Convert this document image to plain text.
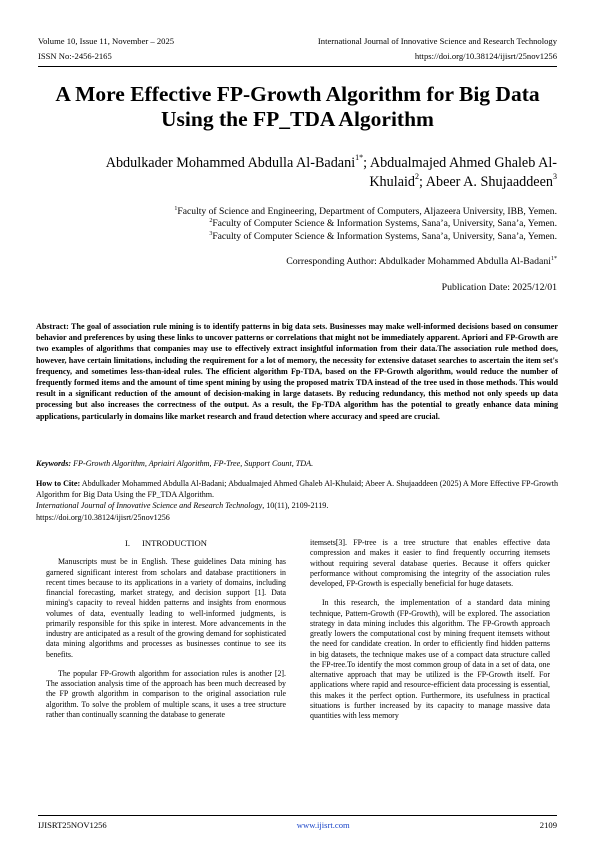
Volume 10, Issue 11, November – 2025	International Journal of Innovative Science and Research Technology
ISSN No:-2456-2165	https://doi.org/10.38124/ijisrt/25nov1256
A More Effective FP-Growth Algorithm for Big Data Using the FP_TDA Algorithm
Abdulkader Mohammed Abdulla Al-Badani$^{1*}$; Abdualmajed Ahmed Ghaleb Al-
Khulaid$^2$; Abeer A. Shujaaddeen$^3$
$^1$Faculty of Science and Engineering, Department of Computers, Aljazeera University, IBB, Yemen.
$^2$Faculty of Computer Science & Information Systems, Sana’a, University, Sana’a, Yemen.
$^3$Faculty of Computer Science & Information Systems, Sana’a, University, Sana’a, Yemen.
Corresponding Author: Abdulkader Mohammed Abdulla Al-Badani$^{1*}$
Publication Date: 2025/12/01
Abstract: The goal of association rule mining is to identify patterns in big data sets. Businesses may make well-informed decisions based on consumer behavior and preferences by using these links to uncover patterns or correlations that might not be immediately apparent. Apriori and FP-Growth are two examples of algorithms that companies may use to effectively extract insightful information from their data.The association rule method does, however, have certain limitations, including the requirement for a lot of memory, the necessity for extensive dataset searches to ascertain the item set's frequency, and sometimes less-than-ideal rules. The efficient algorithm Fp-TDA, based on the FP-Growth algorithm, would reduce the number of frequently formed items and the amount of time spent mining by using the proposed matrix TDA instead of the tree used in those methods. This would result in a significant reduction of the amount of decision-making in large datasets. By reducing redundancy, this method not only speeds up data processing but also increases the correctness of the output. As a result, the Fp-TDA algorithm has the potential to greatly enhance data mining applications, particularly in domains like market research and fraud detection where accuracy and speed are crucial.
Keywords: FP-Growth Algorithm, Apriairi Algorithm, FP-Tree, Support Count, TDA.
How to Cite: Abdulkader Mohammed Abdulla Al-Badani; Abdualmajed Ahmed Ghaleb Al-Khulaid; Abeer A. Shujaaddeen (2025) A More Effective FP-Growth Algorithm for Big Data Using the FP_TDA Algorithm.
International Journal of Innovative Science and Research Technology, 10(11), 2109-2119.
https://doi.org/10.38124/ijisrt/25nov1256
I.	INTRODUCTION

Manuscripts must be in English. These guidelines Data mining has garnered significant interest from scholars and database practitioners in recent times because to its applications in a variety of domains, including financial forecasting, market strategy, and decision support [1]. Data mining's capacity to reveal hidden patterns and insights from enormous volumes of data, eventually leading to well-informed judgments, is primarily responsible for this spike in interest. More advancements in the industry are anticipated as a result of the growing demand for sophisticated data mining algorithms and processes as businesses continue to see its benefits.

The popular FP-Growth algorithm for association rules is another [2]. The association analysis time of the approach has been much decreased by the FP growth algorithm in comparison to the original association rule algorithm. To solve the problem of multiple scans, it uses a tree structure rather than continually scanning the database to generate

itemsets[3]. FP-tree is a tree structure that enables effective data compression and makes it easier to find frequently occurring itemsets without requiring several database queries. Because it offers quicker performance without compromising the integrity of the association rules developed, FP-Growth is especially beneficial for huge datasets.

In this research, the implementation of a standard data mining technique, Pattern-Growth (FP-Growth), will be explored. The association strategy in data mining includes this algorithm. The FP-Growth approach greatly lowers the computational cost by mining frequent itemsets without the need for candidate creation. In order to efficiently find hidden patterns in big datasets, the technique makes use of a compact data structure called the FP-tree.To identify the most common group of data in a set of data, one alternative approach that may be utilized is the FP-Growth itself. For applications where rapid and resource-efficient data processing is essential, this makes it the perfect option. Furthermore, its usefulness in practical situations is further increased by its capacity to manage massive data quantities with less memory

IJISRT25NOV1256	www.ijisrt.com	2109
